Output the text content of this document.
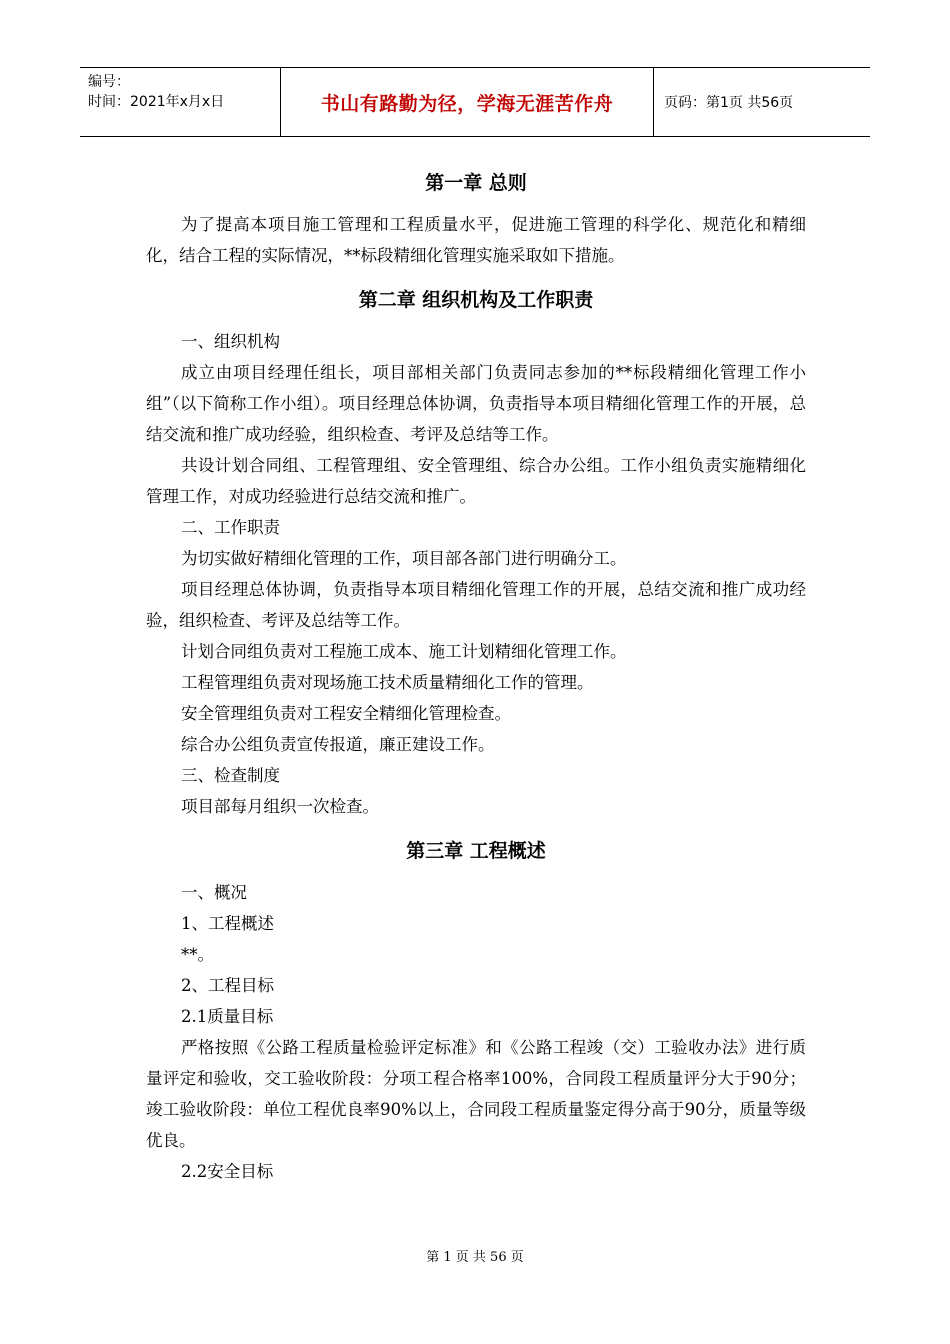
编号：
时间：2021年x月x日	书山有路勤为径，学海无涯苦作舟	页码：第1页 共56页
第一章 总则

为了提高本项目施工管理和工程质量水平，促进施工管理的科学化、规范化和精细化，结合工程的实际情况，**标段精细化管理实施采取如下措施。

第二章 组织机构及工作职责

一、组织机构

成立由项目经理任组长，项目部相关部门负责同志参加的**标段精细化管理工作小组”（以下简称工作小组）。项目经理总体协调，负责指导本项目精细化管理工作的开展，总结交流和推广成功经验，组织检查、考评及总结等工作。

共设计划合同组、工程管理组、安全管理组、综合办公组。工作小组负责实施精细化管理工作，对成功经验进行总结交流和推广。

二、工作职责

为切实做好精细化管理的工作，项目部各部门进行明确分工。

项目经理总体协调，负责指导本项目精细化管理工作的开展，总结交流和推广成功经验，组织检查、考评及总结等工作。

计划合同组负责对工程施工成本、施工计划精细化管理工作。

工程管理组负责对现场施工技术质量精细化工作的管理。

安全管理组负责对工程安全精细化管理检查。

综合办公组负责宣传报道，廉正建设工作。

三、检查制度

项目部每月组织一次检查。

第三章 工程概述

一、概况

1、工程概述

**。

2、工程目标

2.1质量目标

严格按照《公路工程质量检验评定标准》和《公路工程竣（交）工验收办法》进行质量评定和验收，交工验收阶段：分项工程合格率100%，合同段工程质量评分大于90分；竣工验收阶段：单位工程优良率90%以上，合同段工程质量鉴定得分高于90分，质量等级优良。

2.2安全目标

第 1 页 共 56 页
